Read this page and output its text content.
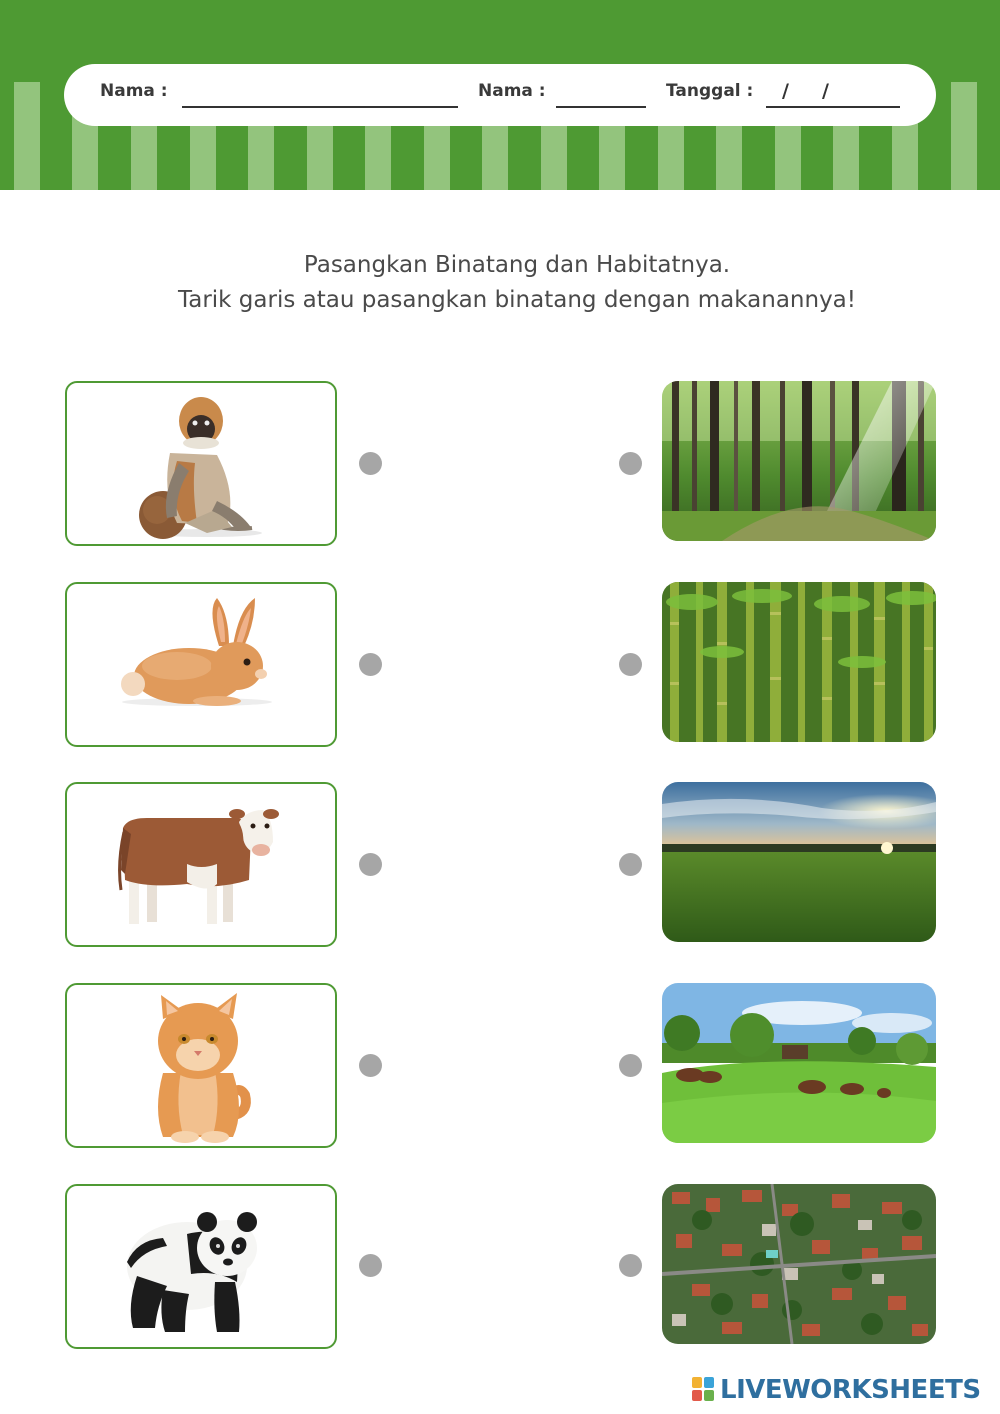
Nama :	Nama :	Tanggal : / /
Pasangkan Binatang dan Habitatnya.
Tarik garis atau pasangkan binatang dengan makanannya!
LIVEWORKSHEETS
